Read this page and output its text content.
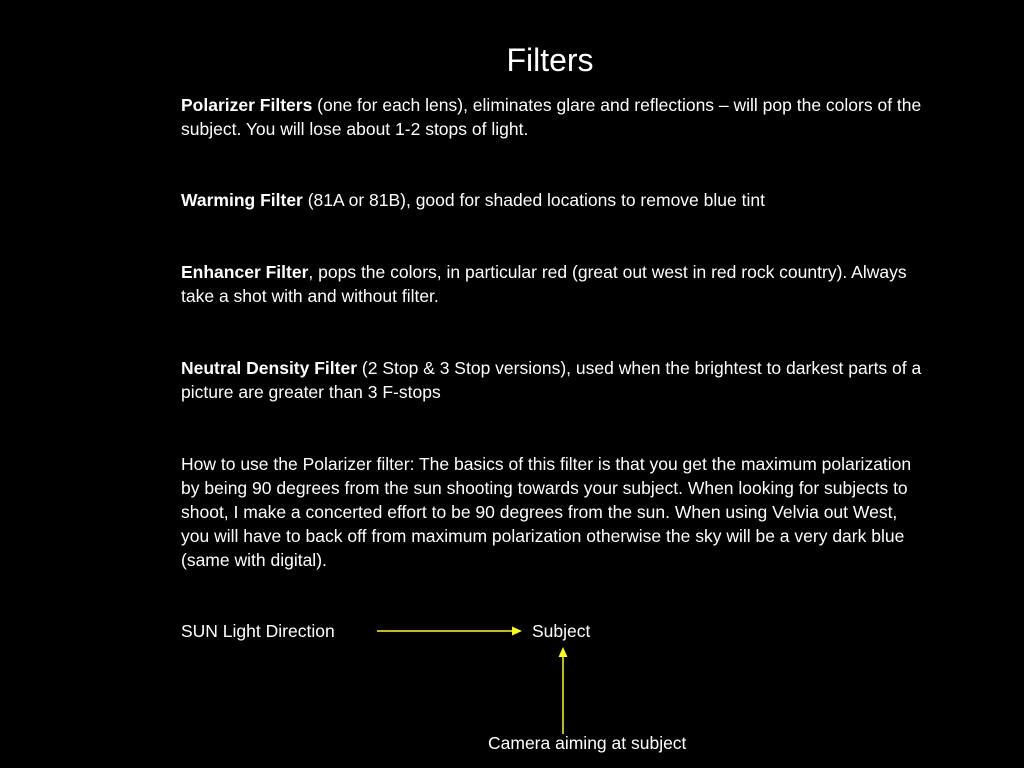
Filters

Polarizer Filters (one for each lens), eliminates glare and reflections – will pop the colors of the subject. You will lose about 1-2 stops of light.

Warming Filter (81A or 81B), good for shaded locations to remove blue tint

Enhancer Filter, pops the colors, in particular red (great out west in red rock country). Always take a shot with and without filter.

Neutral Density Filter (2 Stop & 3 Stop versions), used when the brightest to darkest parts of a picture are greater than 3 F-stops

How to use the Polarizer filter: The basics of this filter is that you get the maximum polarization by being 90 degrees from the sun shooting towards your subject. When looking for subjects to shoot, I make a concerted effort to be 90 degrees from the sun. When using Velvia out West, you will have to back off from maximum polarization otherwise the sky will be a very dark blue (same with digital).

SUN Light Direction	Subject
Camera aiming at subject
